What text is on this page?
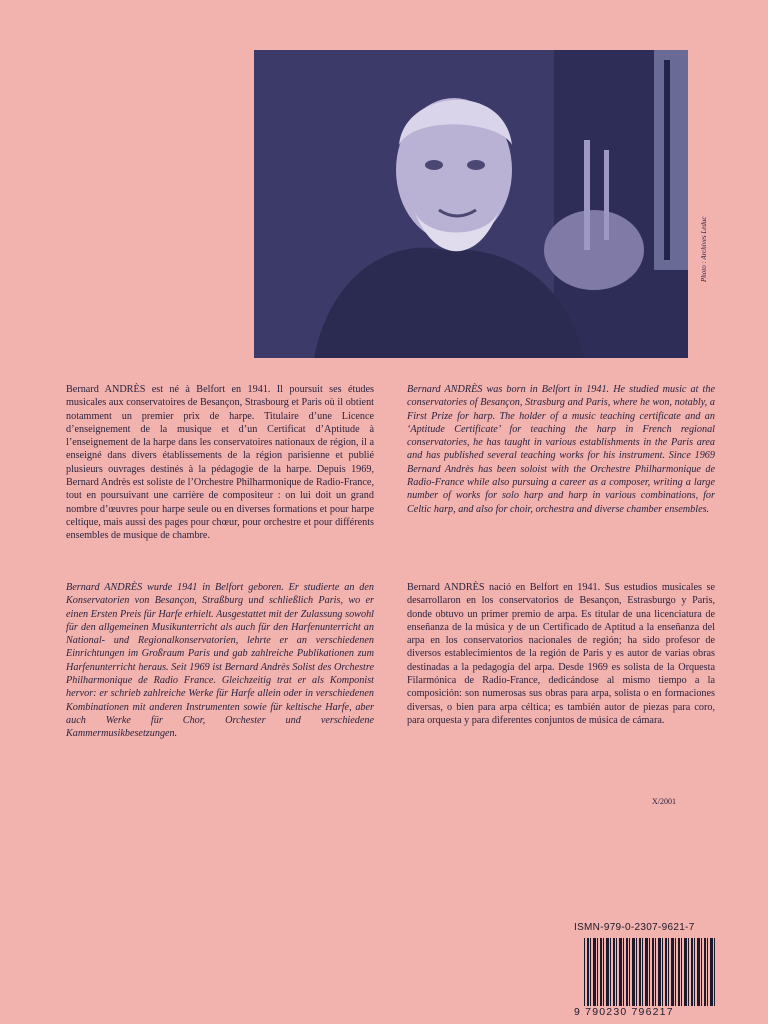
Photo : Archives Leduc

Bernard ANDRÈS est né à Belfort en 1941. Il poursuit ses études musicales aux conservatoires de Besançon, Strasbourg et Paris où il obtient notamment un premier prix de harpe. Titulaire d’une Licence d’enseignement de la musique et d’un Certificat d’Aptitude à l’enseignement de la harpe dans les conservatoires nationaux de région, il a enseigné dans divers établissements de la région parisienne et publié plusieurs ouvrages destinés à la pédagogie de la harpe. Depuis 1969, Bernard Andrès est soliste de l’Orchestre Philharmonique de Radio-France, tout en poursuivant une carrière de compositeur : on lui doit un grand nombre d’œuvres pour harpe seule ou en diverses formations et pour harpe celtique, mais aussi des pages pour chœur, pour orchestre et pour différents ensembles de musique de chambre.

Bernard ANDRÈS was born in Belfort in 1941. He studied music at the conservatories of Besançon, Strasburg and Paris, where he won, notably, a First Prize for harp. The holder of a music teaching certificate and an ‘Aptitude Certificate’ for teaching the harp in French regional conservatories, he has taught in various establishments in the Paris area and has published several teaching works for his instrument. Since 1969 Bernard Andrès has been soloist with the Orchestre Philharmonique de Radio-France while also pursuing a career as a composer, writing a large number of works for solo harp and harp in various combinations, for Celtic harp, and also for choir, orchestra and diverse chamber ensembles.

Bernard ANDRÈS wurde 1941 in Belfort geboren. Er studierte an den Konservatorien von Besançon, Straßburg und schließlich Paris, wo er einen Ersten Preis für Harfe erhielt. Ausgestattet mit der Zulassung sowohl für den allgemeinen Musikunterricht als auch für den Harfenunterricht an National- und Regionalkonservatorien, lehrte er an verschiedenen Einrichtungen im Großraum Paris und gab zahlreiche Publikationen zum Harfenunterricht heraus. Seit 1969 ist Bernard Andrès Solist des Orchestre Philharmonique de Radio France. Gleichzeitig trat er als Komponist hervor: er schrieb zahlreiche Werke für Harfe allein oder in verschiedenen Kombinationen mit anderen Instrumenten sowie für keltische Harfe, aber auch Werke für Chor, Orchester und verschiedene Kammermusikbesetzungen.

Bernard ANDRÈS nació en Belfort en 1941. Sus estudios musicales se desarrollaron en los conservatorios de Besançon, Estrasburgo y Paris, donde obtuvo un primer premio de arpa. Es titular de una licenciatura de enseñanza de la música y de un Certificado de Aptitud a la enseñanza del arpa en los conservatorios nacionales de región; ha sido profesor de diversos establecimientos de la región de Paris y es autor de varias obras destinadas a la pedagogía del arpa. Desde 1969 es solista de la Orquesta Filarmónica de Radio-France, dedicándose al mismo tiempo a la composición: son numerosas sus obras para arpa, solista o en formaciones diversas, o bien para arpa céltica; es también autor de piezas para coro, para orquesta y para diferentes conjuntos de música de cámara.

X/2001
ISMN-979-0-2307-9621-7
9 790230 796217
